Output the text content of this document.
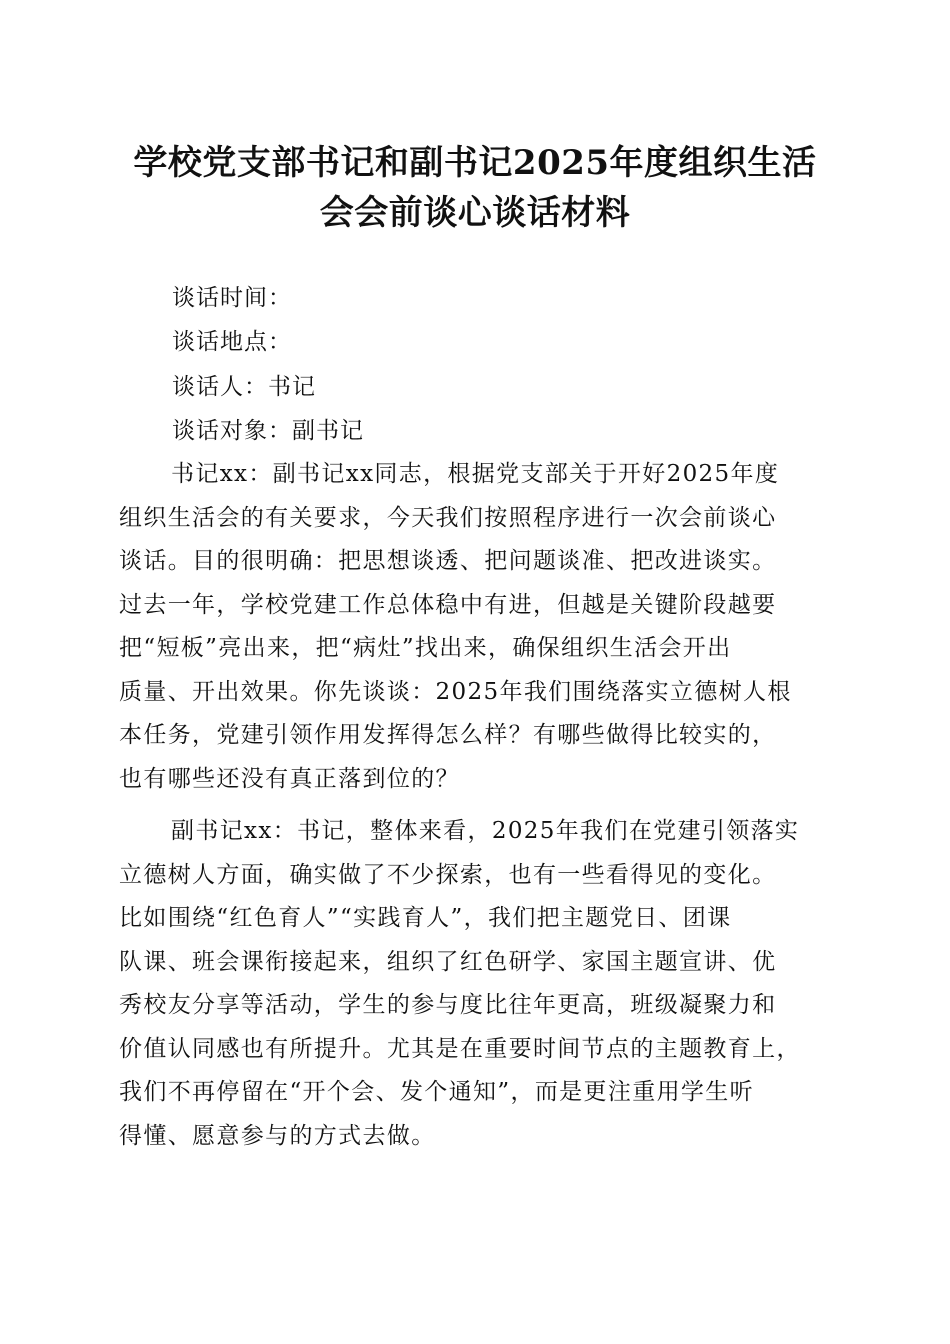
学校党支部书记和副书记2025年度组织生活
会会前谈心谈话材料
谈话时间：
谈话地点：
谈话人：书记
谈话对象：副书记
书记xx：副书记xx同志，根据党支部关于开好2025年度
组织生活会的有关要求，今天我们按照程序进行一次会前谈心
谈话。目的很明确：把思想谈透、把问题谈准、把改进谈实。
过去一年，学校党建工作总体稳中有进，但越是关键阶段越要
把“短板”亮出来，把“病灶”找出来，确保组织生活会开出
质量、开出效果。你先谈谈：2025年我们围绕落实立德树人根
本任务，党建引领作用发挥得怎么样？有哪些做得比较实的，
也有哪些还没有真正落到位的？
副书记xx：书记，整体来看，2025年我们在党建引领落实
立德树人方面，确实做了不少探索，也有一些看得见的变化。
比如围绕“红色育人”“实践育人”，我们把主题党日、团课
队课、班会课衔接起来，组织了红色研学、家国主题宣讲、优
秀校友分享等活动，学生的参与度比往年更高，班级凝聚力和
价值认同感也有所提升。尤其是在重要时间节点的主题教育上，
我们不再停留在“开个会、发个通知”，而是更注重用学生听
得懂、愿意参与的方式去做。
